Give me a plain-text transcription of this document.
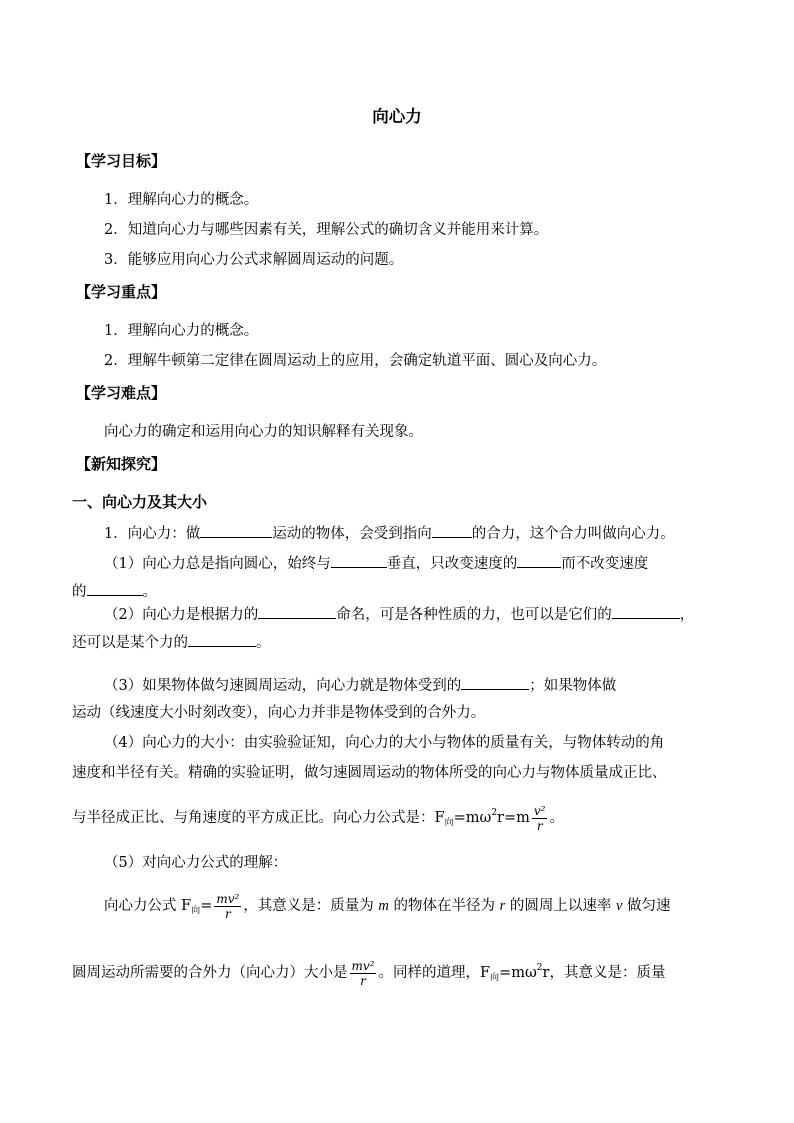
向心力
【学习目标】
1．理解向心力的概念。
2．知道向心力与哪些因素有关，理解公式的确切含义并能用来计算。
3．能够应用向心力公式求解圆周运动的问题。
【学习重点】
1．理解向心力的概念。
2．理解牛顿第二定律在圆周运动上的应用，会确定轨道平面、圆心及向心力。
【学习难点】
向心力的确定和运用向心力的知识解释有关现象。
【新知探究】
一、向心力及其大小
1．向心力：做	运动的物体，会受到指向	的合力，这个合力叫做向心力。
（1）向心力总是指向圆心，始终与	垂直，只改变速度的	而不改变速度
的	。
（2）向心力是根据力的	命名，可是各种性质的力，也可以是它们的	，
还可以是某个力的	。
（3）如果物体做匀速圆周运动，向心力就是物体受到的	；如果物体做
运动（线速度大小时刻改变），向心力并非是物体受到的合外力。
（4）向心力的大小：由实验验证知，向心力的大小与物体的质量有关，与物体转动的角
速度和半径有关。精确的实验证明，做匀速圆周运动的物体所受的向心力与物体质量成正比、
与半径成正比、与角速度的平方成正比。向心力公式是：$F_向=m\omega^2r=m \frac{\text{v²}}{r}$ 。
（5）对向心力公式的理解：
向心力公式 $F_向= \frac{\text{mv²}}{r}$ ，其意义是：质量为 m 的物体在半径为 r 的圆周上以速率 v 做匀速
圆周运动所需要的合外力（向心力）大小是 $\frac{\text{mv²}}{r}$ 。同样的道理，$F_向=m\omega^2r$，其意义是：质量
